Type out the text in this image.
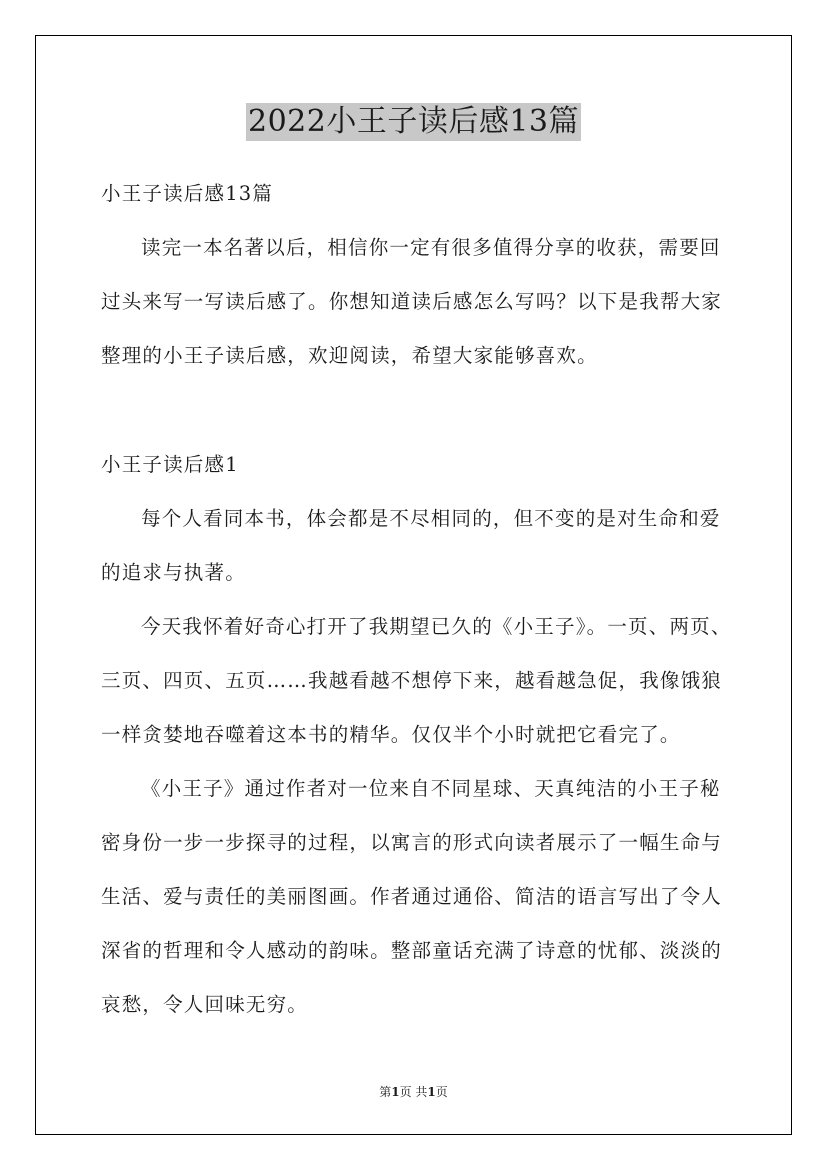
2022小王子读后感13篇
小王子读后感13篇
读完一本名著以后，相信你一定有很多值得分享的收获，需要回
过头来写一写读后感了。你想知道读后感怎么写吗？以下是我帮大家
整理的小王子读后感，欢迎阅读，希望大家能够喜欢。
小王子读后感1
每个人看同本书，体会都是不尽相同的，但不变的是对生命和爱
的追求与执著。
今天我怀着好奇心打开了我期望已久的《小王子》。一页、两页、
三页、四页、五页……我越看越不想停下来，越看越急促，我像饿狼
一样贪婪地吞噬着这本书的精华。仅仅半个小时就把它看完了。
《小王子》通过作者对一位来自不同星球、天真纯洁的小王子秘
密身份一步一步探寻的过程，以寓言的形式向读者展示了一幅生命与
生活、爱与责任的美丽图画。作者通过通俗、简洁的语言写出了令人
深省的哲理和令人感动的韵味。整部童话充满了诗意的忧郁、淡淡的
哀愁，令人回味无穷。
第1页 共1页
